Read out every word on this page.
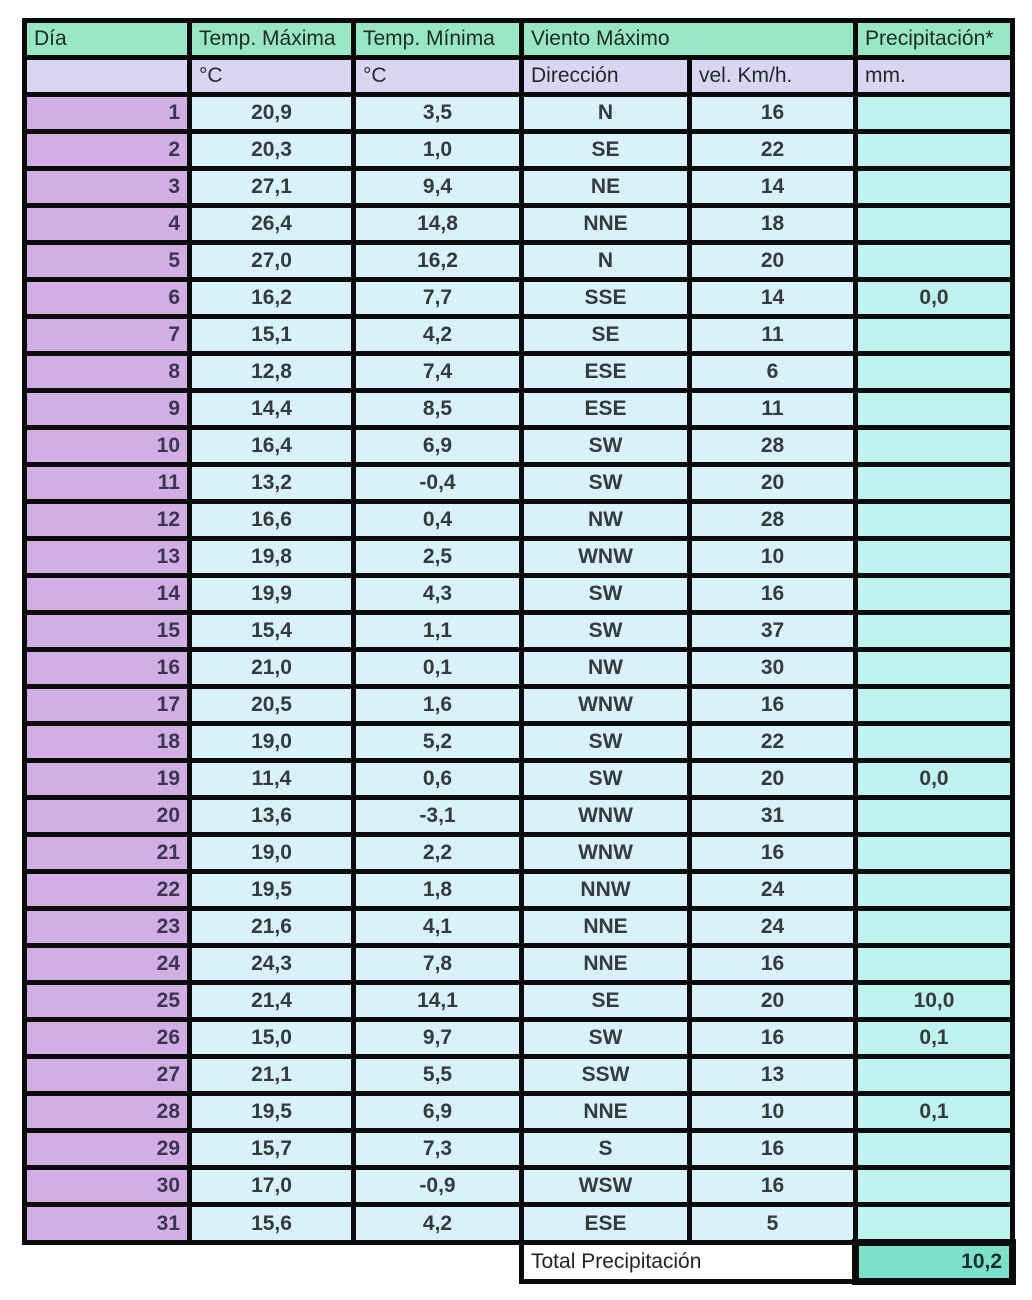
Día	Temp. Máxima	Temp. Mínima	Viento Máximo		Precipitación*
	°C	°C	Dirección	vel. Km/h.	mm.
1	20,9	3,5	N	16	
2	20,3	1,0	SE	22	
3	27,1	9,4	NE	14	
4	26,4	14,8	NNE	18	
5	27,0	16,2	N	20	
6	16,2	7,7	SSE	14	0,0
7	15,1	4,2	SE	11	
8	12,8	7,4	ESE	6	
9	14,4	8,5	ESE	11	
10	16,4	6,9	SW	28	
11	13,2	-0,4	SW	20	
12	16,6	0,4	NW	28	
13	19,8	2,5	WNW	10	
14	19,9	4,3	SW	16	
15	15,4	1,1	SW	37	
16	21,0	0,1	NW	30	
17	20,5	1,6	WNW	16	
18	19,0	5,2	SW	22	
19	11,4	0,6	SW	20	0,0
20	13,6	-3,1	WNW	31	
21	19,0	2,2	WNW	16	
22	19,5	1,8	NNW	24	
23	21,6	4,1	NNE	24	
24	24,3	7,8	NNE	16	
25	21,4	14,1	SE	20	10,0
26	15,0	9,7	SW	16	0,1
27	21,1	5,5	SSW	13	
28	19,5	6,9	NNE	10	0,1
29	15,7	7,3	S	16	
30	17,0	-0,9	WSW	16	
31	15,6	4,2	ESE	5	
			Total Precipitación		10,2
